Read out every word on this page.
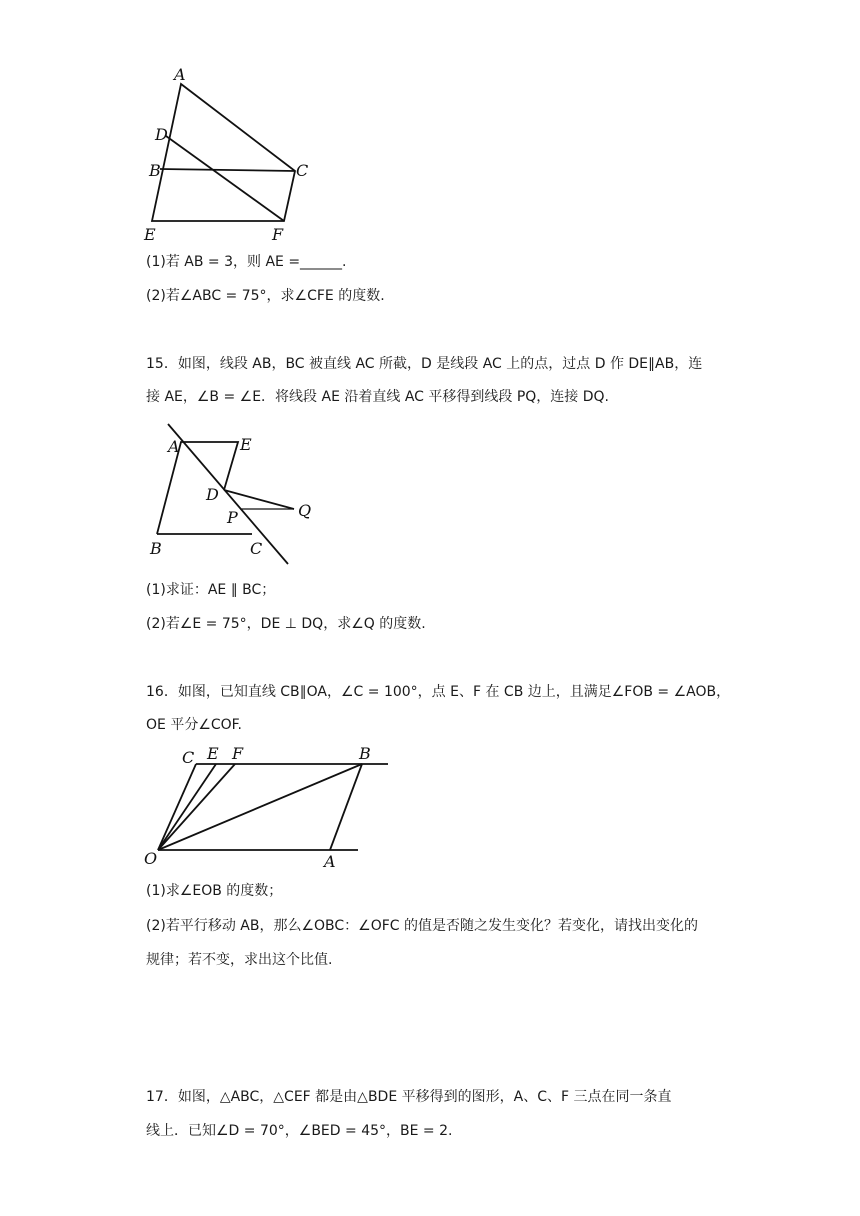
A
D
B	C
E	F
(1)若 AB = 3，则 AE =______.
(2)若∠ABC = 75°，求∠CFE 的度数.
15．如图，线段 AB，BC 被直线 AC 所截，D 是线段 AC 上的点，过点 D 作 DE∥AB，连
接 AE，∠B = ∠E．将线段 AE 沿着直线 AC 平移得到线段 PQ，连接 DQ.
A	E
D
P	Q
B	C
(1)求证：AE ∥ BC；
(2)若∠E = 75°，DE ⊥ DQ，求∠Q 的度数.
16．如图，已知直线 CB∥OA，∠C = 100°，点 E、F 在 CB 边上，且满足∠FOB = ∠AOB，
OE 平分∠COF.
C E F	B
O	A
(1)求∠EOB 的度数；
(2)若平行移动 AB，那么∠OBC：∠OFC 的值是否随之发生变化？若变化，请找出变化的
规律；若不变，求出这个比值.
17．如图，△ABC，△CEF 都是由△BDE 平移得到的图形，A、C、F 三点在同一条直
线上．已知∠D = 70°，∠BED = 45°，BE = 2.
